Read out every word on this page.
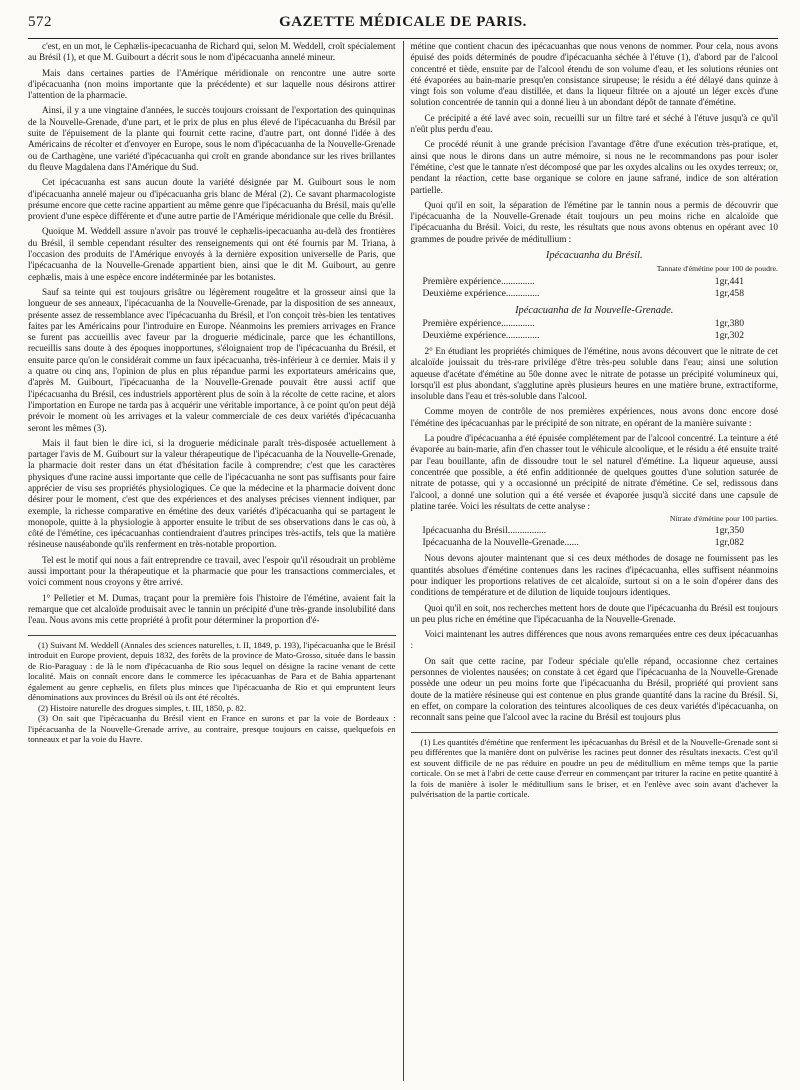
572	GAZETTE MÉDICALE DE PARIS.

c'est, en un mot, le Cephælis-ipecacuanha de Richard qui, selon M. Weddell, croît spécialement au Brésil (1), et que M. Guibourt a décrit sous le nom d'ipécacuanha annelé mineur.

Mais dans certaines parties de l'Amérique méridionale on rencontre une autre sorte d'ipécacuanha (non moins importante que la précédente) et sur laquelle nous désirons attirer l'attention de la pharmacie.

Ainsi, il y a une vingtaine d'années, le succès toujours croissant de l'exportation des quinquinas de la Nouvelle-Grenade, d'une part, et le prix de plus en plus élevé de l'ipécacuanha du Brésil par suite de l'épuisement de la plante qui fournit cette racine, d'autre part, ont donné l'idée à des Américains de récolter et d'envoyer en Europe, sous le nom d'ipécacuanha de la Nouvelle-Grenade ou de Carthagène, une variété d'ipécacuanha qui croît en grande abondance sur les rives brillantes du fleuve Magdalena dans l'Amérique du Sud.

Cet ipécacuanha est sans aucun doute la variété désignée par M. Guibourt sous le nom d'ipécacuanha annelé majeur ou d'ipécacuanha gris blanc de Méral (2). Ce savant pharmacologiste présume encore que cette racine appartient au même genre que l'ipécacuanha du Brésil, mais qu'elle provient d'une espèce différente et d'une autre partie de l'Amérique méridionale que celle du Brésil.

Quoique M. Weddell assure n'avoir pas trouvé le cephælis-ipecacuanha au-delà des frontières du Brésil, il semble cependant résulter des renseignements qui ont été fournis par M. Triana, à l'occasion des produits de l'Amérique envoyés à la dernière exposition universelle de Paris, que l'ipécacuanha de la Nouvelle-Grenade appartient bien, ainsi que le dit M. Guibourt, au genre cephælis, mais à une espèce encore indéterminée par les botanistes.

Sauf sa teinte qui est toujours grisâtre ou légèrement rougeâtre et la grosseur ainsi que la longueur de ses anneaux, l'ipécacuanha de la Nouvelle-Grenade, par la disposition de ses anneaux, présente assez de ressemblance avec l'ipécacuanha du Brésil, et l'on conçoit très-bien les tentatives faites par les Américains pour l'introduire en Europe. Néanmoins les premiers arrivages en France se furent pas accueillis avec faveur par la droguerie médicinale, parce que les échantillons, recueillis sans doute à des époques inopportunes, s'éloignaient trop de l'ipécacuanha du Brésil, et ensuite parce qu'on le considérait comme un faux ipécacuanha, très-inférieur à ce dernier. Mais il y a quatre ou cinq ans, l'opinion de plus en plus répandue parmi les exportateurs américains que, d'après M. Guibourt, l'ipécacuanha de la Nouvelle-Grenade pouvait être aussi actif que l'ipécacuanha du Brésil, ces industriels apportèrent plus de soin à la récolte de cette racine, et alors l'importation en Europe ne tarda pas à acquérir une véritable importance, à ce point qu'on peut déjà prévoir le moment où les arrivages et la valeur commerciale de ces deux variétés d'ipécacuanha seront les mêmes (3).

Mais il faut bien le dire ici, si la droguerie médicinale paraît très-disposée actuellement à partager l'avis de M. Guibourt sur la valeur thérapeutique de l'ipécacuanha de la Nouvelle-Grenade, la pharmacie doit rester dans un état d'hésitation facile à comprendre; c'est que les caractères physiques d'une racine aussi importante que celle de l'ipécacuanha ne sont pas suffisants pour faire apprécier de visu ses propriétés physiologiques. Ce que la médecine et la pharmacie doivent donc désirer pour le moment, c'est que des expériences et des analyses précises viennent indiquer, par exemple, la richesse comparative en émétine des deux variétés d'ipécacuanha qui se partagent le monopole, quitte à la physiologie à apporter ensuite le tribut de ses observations dans le cas où, à côté de l'émétine, ces ipécacuanhas contiendraient d'autres principes très-actifs, tels que la matière résineuse nauséabonde qu'ils renferment en très-notable proportion.

Tel est le motif qui nous a fait entreprendre ce travail, avec l'espoir qu'il résoudrait un problème aussi important pour la thérapeutique et la pharmacie que pour les transactions commerciales, et voici comment nous croyons y être arrivé.

1° Pelletier et M. Dumas, traçant pour la première fois l'histoire de l'émétine, avaient fait la remarque que cet alcaloïde produisait avec le tannin un précipité d'une très-grande insolubilité dans l'eau. Nous avons mis cette propriété à profit pour déterminer la proportion d'é-

(1) Suivant M. Weddell (Annales des sciences naturelles, t. II, 1849, p. 193), l'ipécacuanha que le Brésil introduit en Europe provient, depuis 1832, des forêts de la province de Mato-Grosso, située dans le bassin de Rio-Paraguay : de là le nom d'ipécacuanha de Rio sous lequel on désigne la racine venant de cette localité. Mais on connaît encore dans le commerce les ipécacuanhas de Para et de Bahia appartenant également au genre cephælis, en filets plus minces que l'ipécacuanha de Rio et qui empruntent leurs dénominations aux provinces du Brésil où ils ont été récoltés.

(2) Histoire naturelle des drogues simples, t. III, 1850, p. 82.

(3) On sait que l'ipécacuanha du Brésil vient en France en surons et par la voie de Bordeaux : l'ipécacuanha de la Nouvelle-Grenade arrive, au contraire, presque toujours en caisse, quelquefois en tonneaux et par la voie du Havre.

métine que contient chacun des ipécacuanhas que nous venons de nommer. Pour cela, nous avons épuisé des poids déterminés de poudre d'ipécacuanha séchée à l'étuve (1), d'abord par de l'alcool concentré et tiède, ensuite par de l'alcool étendu de son volume d'eau, et les solutions réunies ont été évaporées au bain-marie presqu'en consistance sirupeuse; le résidu a été délayé dans quinze à vingt fois son volume d'eau distillée, et dans la liqueur filtrée on a ajouté un léger excès d'une solution concentrée de tannin qui a donné lieu à un abondant dépôt de tannate d'émétine.

Ce précipité a été lavé avec soin, recueilli sur un filtre taré et séché à l'étuve jusqu'à ce qu'il n'eût plus perdu d'eau.

Ce procédé réunit à une grande précision l'avantage d'être d'une exécution très-pratique, et, ainsi que nous le dirons dans un autre mémoire, si nous ne le recommandons pas pour isoler l'émétine, c'est que le tannate n'est décomposé que par les oxydes alcalins ou les oxydes terreux; or, pendant la réaction, cette base organique se colore en jaune safrané, indice de son altération partielle.

Quoi qu'il en soit, la séparation de l'émétine par le tannin nous a permis de découvrir que l'ipécacuanha de la Nouvelle-Grenade était toujours un peu moins riche en alcaloïde que l'ipécacuanha du Brésil. Voici, du reste, les résultats que nous avons obtenus en opérant avec 10 grammes de poudre privée de méditullium :

Ipécacuanha du Brésil.
Tannate d'émétine pour 100 de poudre.
Première expérience..............	1gr,441
Deuxième expérience..............	1gr,458
Ipécacuanha de la Nouvelle-Grenade.
Première expérience..............	1gr,380
Deuxième expérience..............	1gr,302

2° En étudiant les propriétés chimiques de l'émétine, nous avons découvert que le nitrate de cet alcaloïde jouissait du très-rare privilége d'être très-peu soluble dans l'eau; ainsi une solution aqueuse d'acétate d'émétine au 50e donne avec le nitrate de potasse un précipité volumineux qui, lorsqu'il est plus abondant, s'agglutine après plusieurs heures en une matière brune, extractiforme, insoluble dans l'eau et très-soluble dans l'alcool.

Comme moyen de contrôle de nos premières expériences, nous avons donc encore dosé l'émétine des ipécacuanhas par le précipité de son nitrate, en opérant de la manière suivante :

La poudre d'ipécacuanha a été épuisée complétement par de l'alcool concentré. La teinture a été évaporée au bain-marie, afin d'en chasser tout le véhicule alcoolique, et le résidu a été ensuite traité par l'eau bouillante, afin de dissoudre tout le sel naturel d'émétine. La liqueur aqueuse, aussi concentrée que possible, a été enfin additionnée de quelques gouttes d'une solution saturée de nitrate de potasse, qui y a occasionné un précipité de nitrate d'émétine. Ce sel, redissous dans l'alcool, a donné une solution qui a été versée et évaporée jusqu'à siccité dans une capsule de platine tarée. Voici les résultats de cette analyse :

Nitrate d'émétine pour 100 parties.
Ipécacuanha du Brésil................	1gr,350
Ipécacuanha de la Nouvelle-Grenade......	1gr,082

Nous devons ajouter maintenant que si ces deux méthodes de dosage ne fournissent pas les quantités absolues d'émétine contenues dans les racines d'ipécacuanha, elles suffisent néanmoins pour indiquer les proportions relatives de cet alcaloïde, surtout si on a le soin d'opérer dans des conditions de température et de dilution de liquide toujours identiques.

Quoi qu'il en soit, nos recherches mettent hors de doute que l'ipécacuanha du Brésil est toujours un peu plus riche en émétine que l'ipécacuanha de la Nouvelle-Grenade.

Voici maintenant les autres différences que nous avons remarquées entre ces deux ipécacuanhas :

On sait que cette racine, par l'odeur spéciale qu'elle répand, occasionne chez certaines personnes de violentes nausées; on constate à cet égard que l'ipécacuanha de la Nouvelle-Grenade possède une odeur un peu moins forte que l'ipécacuanha du Brésil, propriété qui provient sans doute de la matière résineuse qui est contenue en plus grande quantité dans la racine du Brésil. Si, en effet, on compare la coloration des teintures alcooliques de ces deux variétés d'ipécacuanha, on reconnaît sans peine que l'alcool avec la racine du Brésil est toujours plus

(1) Les quantités d'émétine que renferment les ipécacuanhas du Brésil et de la Nouvelle-Grenade sont si peu différentes que la manière dont on pulvérise les racines peut donner des résultats inexacts. C'est qu'il est souvent difficile de ne pas réduire en poudre un peu de méditullium en même temps que la partie corticale. On se met à l'abri de cette cause d'erreur en commençant par triturer la racine en petite quantité à la fois de manière à isoler le méditullium sans le briser, et en l'enlève avec soin avant d'achever la pulvérisation de la partie corticale.
